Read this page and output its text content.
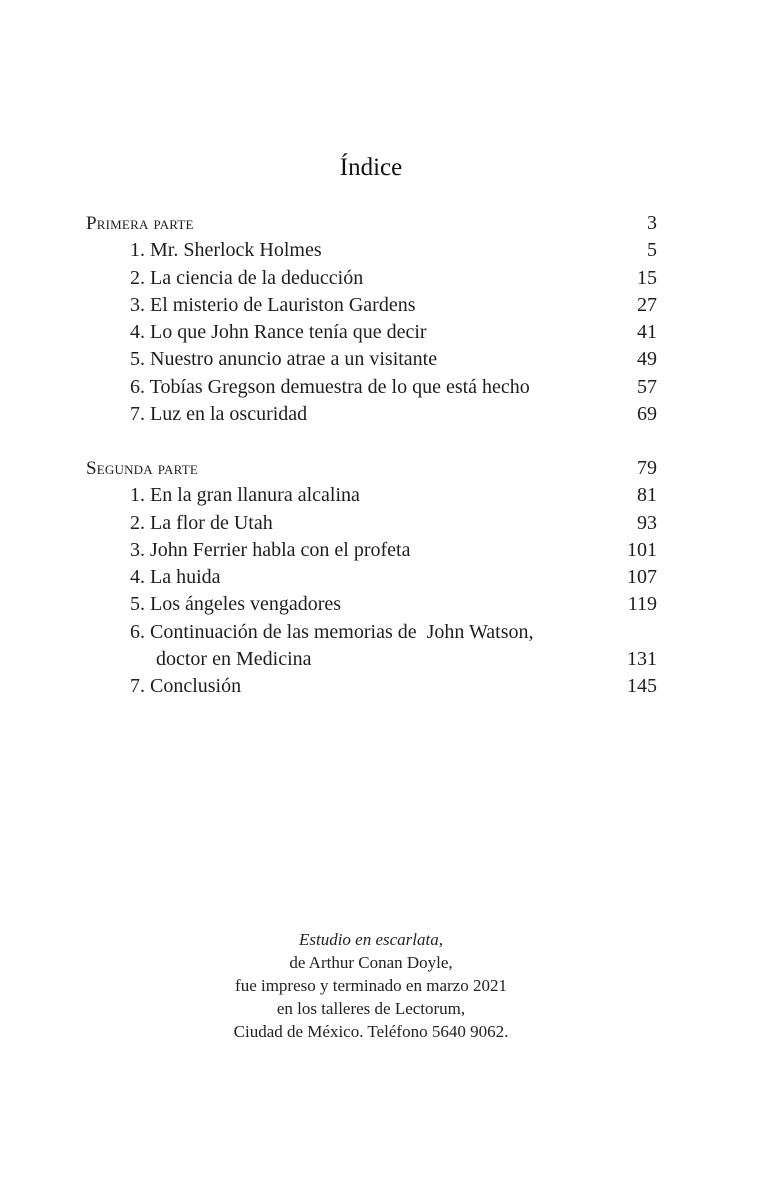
Índice
Primera parte	3
1. Mr. Sherlock Holmes	5
2. La ciencia de la deducción	15
3. El misterio de Lauriston Gardens	27
4. Lo que John Rance tenía que decir	41
5. Nuestro anuncio atrae a un visitante	49
6. Tobías Gregson demuestra de lo que está hecho	57
7. Luz en la oscuridad	69
Segunda parte	79
1. En la gran llanura alcalina	81
2. La flor de Utah	93
3. John Ferrier habla con el profeta	101
4. La huida	107
5. Los ángeles vengadores	119
6. Continuación de las memorias de  John Watson,
doctor en Medicina	131
7. Conclusión	145
Estudio en escarlata,
de Arthur Conan Doyle,
fue impreso y terminado en marzo 2021
en los talleres de Lectorum,
Ciudad de México. Teléfono 5640 9062.
